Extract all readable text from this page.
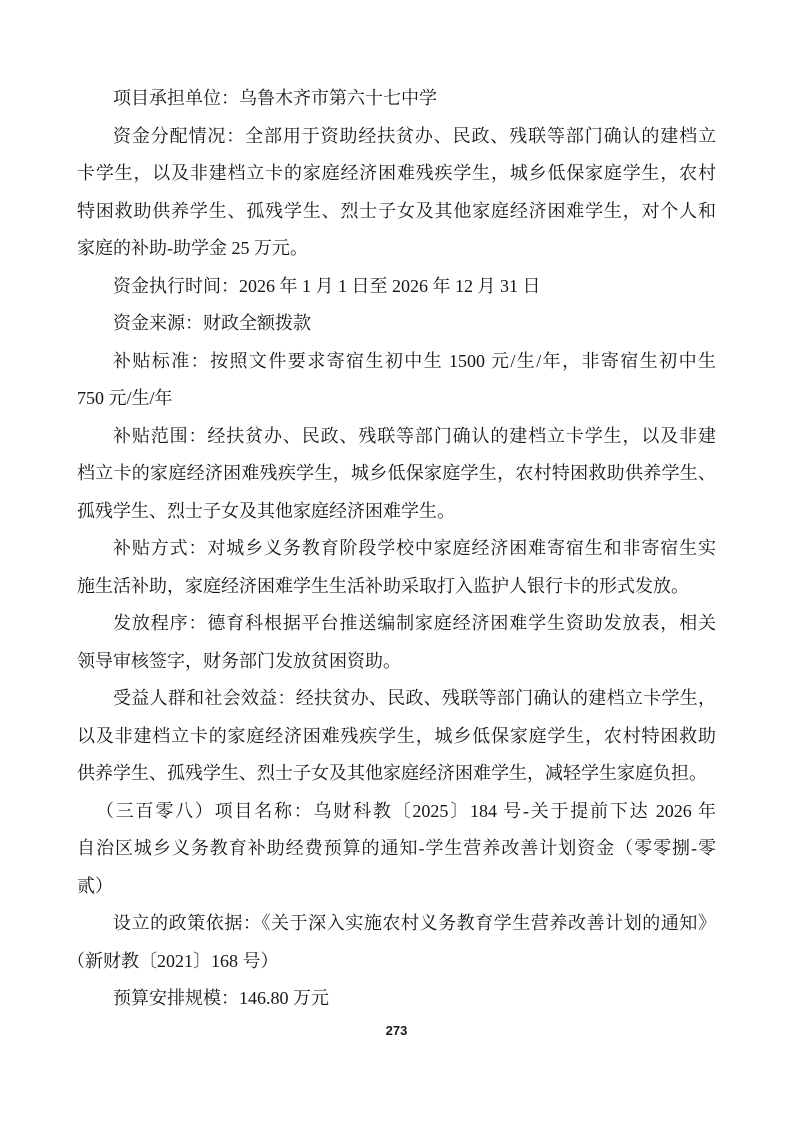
项目承担单位：乌鲁木齐市第六十七中学
资金分配情况：全部用于资助经扶贫办、民政、残联等部门确认的建档立
卡学生，以及非建档立卡的家庭经济困难残疾学生，城乡低保家庭学生，农村
特困救助供养学生、孤残学生、烈士子女及其他家庭经济困难学生，对个人和
家庭的补助-助学金 25 万元。
资金执行时间：2026 年 1 月 1 日至 2026 年 12 月 31 日
资金来源：财政全额拨款
补贴标准：按照文件要求寄宿生初中生 1500 元/生/年，非寄宿生初中生
750 元/生/年
补贴范围：经扶贫办、民政、残联等部门确认的建档立卡学生，以及非建
档立卡的家庭经济困难残疾学生，城乡低保家庭学生，农村特困救助供养学生、
孤残学生、烈士子女及其他家庭经济困难学生。
补贴方式：对城乡义务教育阶段学校中家庭经济困难寄宿生和非寄宿生实
施生活补助，家庭经济困难学生生活补助采取打入监护人银行卡的形式发放。
发放程序：德育科根据平台推送编制家庭经济困难学生资助发放表，相关
领导审核签字，财务部门发放贫困资助。
受益人群和社会效益：经扶贫办、民政、残联等部门确认的建档立卡学生，
以及非建档立卡的家庭经济困难残疾学生，城乡低保家庭学生，农村特困救助
供养学生、孤残学生、烈士子女及其他家庭经济困难学生，减轻学生家庭负担。
（三百零八）项目名称：乌财科教〔2025〕184 号-关于提前下达 2026 年
自治区城乡义务教育补助经费预算的通知-学生营养改善计划资金（零零捌-零
贰）
设立的政策依据：《关于深入实施农村义务教育学生营养改善计划的通知》
（新财教〔2021〕168 号）
预算安排规模：146.80 万元
273
